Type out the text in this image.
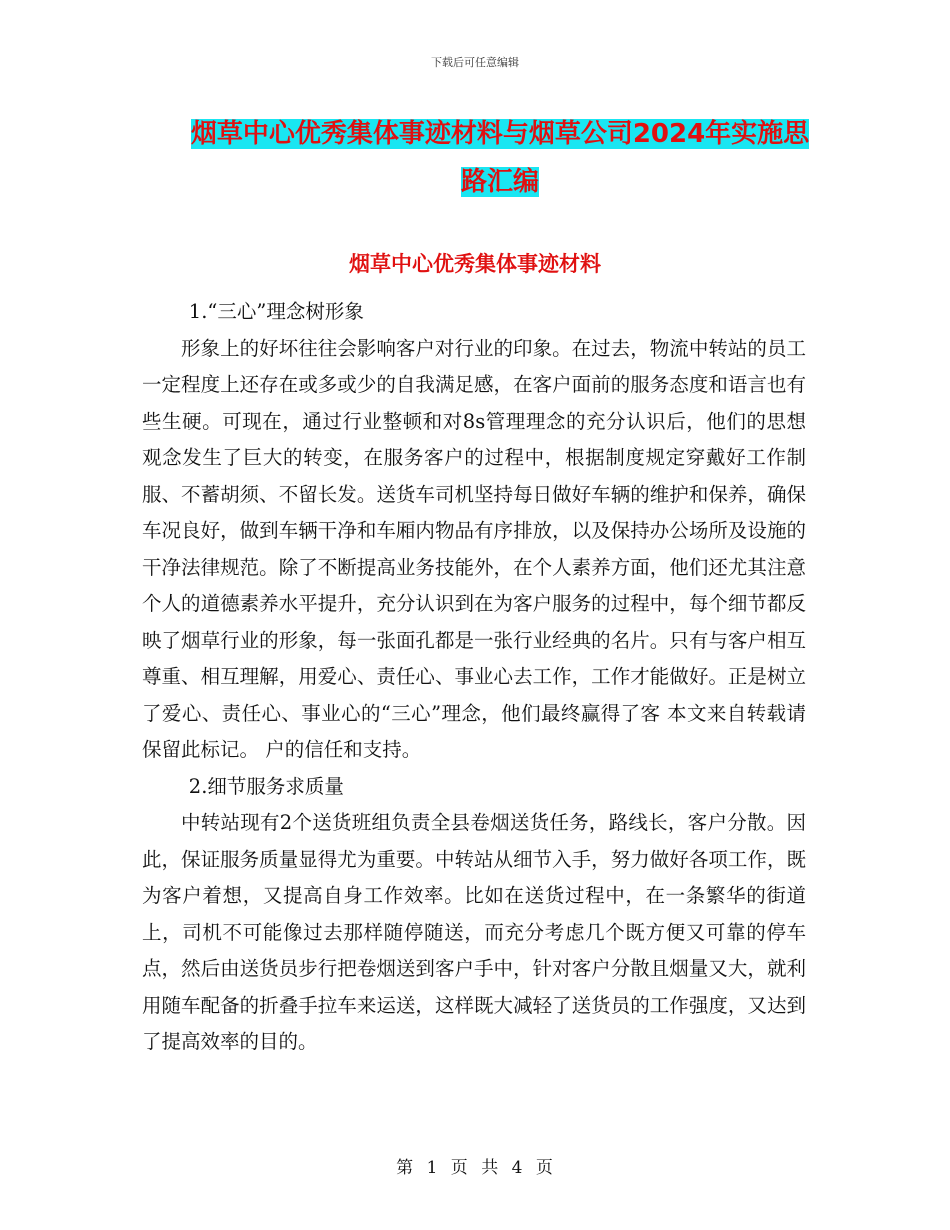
下载后可任意编辑
烟草中心优秀集体事迹材料与烟草公司2024年实施思
路汇编
烟草中心优秀集体事迹材料

1.“三心”理念树形象

形象上的好坏往往会影响客户对行业的印象。在过去，物流中转站的员工一定程度上还存在或多或少的自我满足感，在客户面前的服务态度和语言也有些生硬。可现在，通过行业整顿和对8s管理理念的充分认识后，他们的思想观念发生了巨大的转变，在服务客户的过程中，根据制度规定穿戴好工作制服、不蓄胡须、不留长发。送货车司机坚持每日做好车辆的维护和保养，确保车况良好，做到车辆干净和车厢内物品有序排放，以及保持办公场所及设施的干净法律规范。除了不断提高业务技能外，在个人素养方面，他们还尤其注意个人的道德素养水平提升，充分认识到在为客户服务的过程中，每个细节都反映了烟草行业的形象，每一张面孔都是一张行业经典的名片。只有与客户相互尊重、相互理解，用爱心、责任心、事业心去工作，工作才能做好。正是树立了爱心、责任心、事业心的“三心”理念，他们最终赢得了客 本文来自转载请保留此标记。 户的信任和支持。

2.细节服务求质量

中转站现有2个送货班组负责全县卷烟送货任务，路线长，客户分散。因此，保证服务质量显得尤为重要。中转站从细节入手，努力做好各项工作，既为客户着想，又提高自身工作效率。比如在送货过程中，在一条繁华的街道上，司机不可能像过去那样随停随送，而充分考虑几个既方便又可靠的停车点，然后由送货员步行把卷烟送到客户手中，针对客户分散且烟量又大，就利用随车配备的折叠手拉车来运送，这样既大减轻了送货员的工作强度，又达到了提高效率的目的。

第 1 页 共 4 页
